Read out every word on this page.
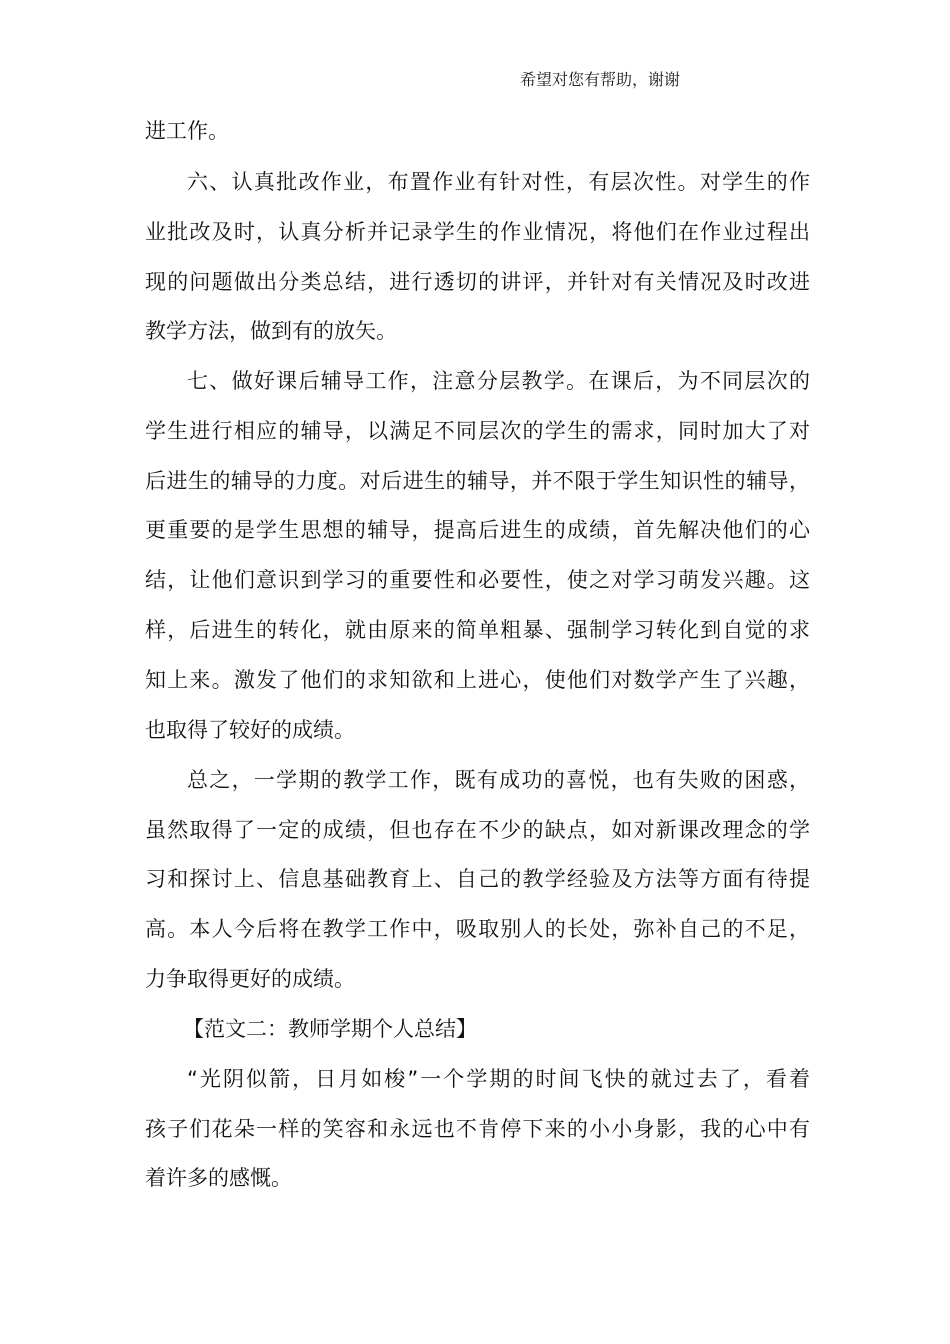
希望对您有帮助，谢谢
进工作。
六、认真批改作业，布置作业有针对性，有层次性。对学生的作
业批改及时，认真分析并记录学生的作业情况，将他们在作业过程出
现的问题做出分类总结，进行透切的讲评，并针对有关情况及时改进
教学方法，做到有的放矢。
七、做好课后辅导工作，注意分层教学。在课后，为不同层次的
学生进行相应的辅导，以满足不同层次的学生的需求，同时加大了对
后进生的辅导的力度。对后进生的辅导，并不限于学生知识性的辅导，
更重要的是学生思想的辅导，提高后进生的成绩，首先解决他们的心
结，让他们意识到学习的重要性和必要性，使之对学习萌发兴趣。这
样，后进生的转化，就由原来的简单粗暴、强制学习转化到自觉的求
知上来。激发了他们的求知欲和上进心，使他们对数学产生了兴趣，
也取得了较好的成绩。
总之，一学期的教学工作，既有成功的喜悦，也有失败的困惑，
虽然取得了一定的成绩，但也存在不少的缺点，如对新课改理念的学
习和探讨上、信息基础教育上、自己的教学经验及方法等方面有待提
高。本人今后将在教学工作中，吸取别人的长处，弥补自己的不足，
力争取得更好的成绩。
【范文二：教师学期个人总结】
“光阴似箭，日月如梭”一个学期的时间飞快的就过去了，看着
孩子们花朵一样的笑容和永远也不肯停下来的小小身影，我的心中有
着许多的感慨。
